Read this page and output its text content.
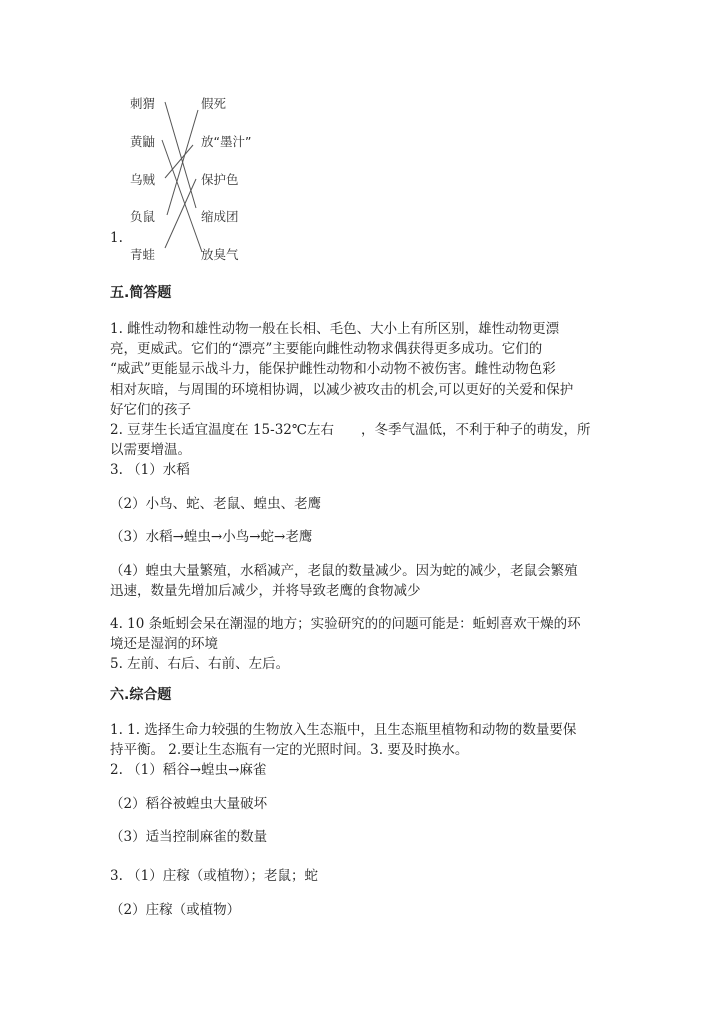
刺猬
黄鼬
乌贼
负鼠
青蛙
假死
放“墨汁”
保护色
缩成团
放臭气
1.
五.简答题
1. 雌性动物和雄性动物一般在长相、毛色、大小上有所区别，雄性动物更漂
亮，更威武。它们的“漂亮”主要能向雌性动物求偶获得更多成功。它们的
“威武”更能显示战斗力，能保护雌性动物和小动物不被伤害。雌性动物色彩
相对灰暗，与周围的环境相协调，以减少被攻击的机会,可以更好的关爱和保护
好它们的孩子
2. 豆芽生长适宜温度在 15-32℃左右　　，冬季气温低，不利于种子的萌发，所
以需要增温。
3. （1）水稻
（2）小鸟、蛇、老鼠、蝗虫、老鹰
（3）水稻→蝗虫→小鸟→蛇→老鹰
（4）蝗虫大量繁殖，水稻减产，老鼠的数量减少。因为蛇的减少，老鼠会繁殖
迅速，数量先增加后减少，并将导致老鹰的食物减少
4. 10 条蚯蚓会呆在潮湿的地方；实验研究的的问题可能是：蚯蚓喜欢干燥的环
境还是湿润的环境
5. 左前、右后、右前、左后。
六.综合题
1. 1. 选择生命力较强的生物放入生态瓶中，且生态瓶里植物和动物的数量要保
持平衡。 2.要让生态瓶有一定的光照时间。3. 要及时换水。
2. （1）稻谷→蝗虫→麻雀
（2）稻谷被蝗虫大量破坏
（3）适当控制麻雀的数量
3. （1）庄稼（或植物）；老鼠；蛇
（2）庄稼（或植物）
